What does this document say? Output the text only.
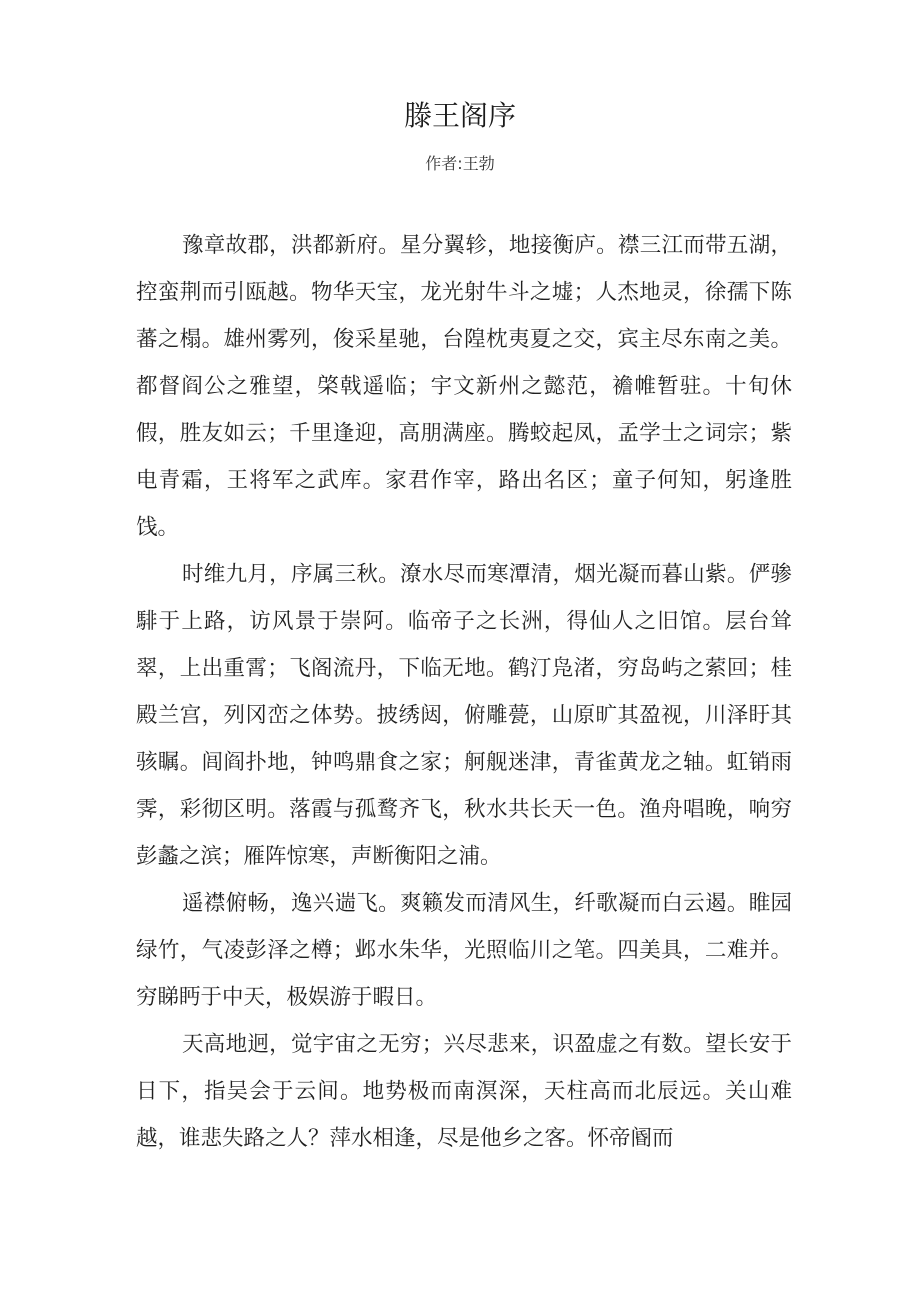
滕王阁序
作者:王勃

豫章故郡，洪都新府。星分翼轸，地接衡庐。襟三江而带五湖，控蛮荆而引瓯越。物华天宝，龙光射牛斗之墟；人杰地灵，徐孺下陈蕃之榻。雄州雾列，俊采星驰，台隍枕夷夏之交，宾主尽东南之美。都督阎公之雅望，棨戟遥临；宇文新州之懿范，襜帷暂驻。十旬休假，胜友如云；千里逢迎，高朋满座。腾蛟起凤，孟学士之词宗；紫电青霜，王将军之武库。家君作宰，路出名区；童子何知，躬逢胜饯。

时维九月，序属三秋。潦水尽而寒潭清，烟光凝而暮山紫。俨骖騑于上路，访风景于崇阿。临帝子之长洲，得仙人之旧馆。层台耸翠，上出重霄；飞阁流丹，下临无地。鹤汀凫渚，穷岛屿之萦回；桂殿兰宫，列冈峦之体势。披绣闼，俯雕甍，山原旷其盈视，川泽盱其骇瞩。闾阎扑地，钟鸣鼎食之家；舸舰迷津，青雀黄龙之轴。虹销雨霁，彩彻区明。落霞与孤鹜齐飞，秋水共长天一色。渔舟唱晚，响穷彭蠡之滨；雁阵惊寒，声断衡阳之浦。

遥襟俯畅，逸兴遄飞。爽籁发而清风生，纤歌凝而白云遏。睢园绿竹，气凌彭泽之樽；邺水朱华，光照临川之笔。四美具，二难并。穷睇眄于中天，极娱游于暇日。

天高地迥，觉宇宙之无穷；兴尽悲来，识盈虚之有数。望长安于日下，指吴会于云间。地势极而南溟深，天柱高而北辰远。关山难越，谁悲失路之人？萍水相逢，尽是他乡之客。怀帝阍而
